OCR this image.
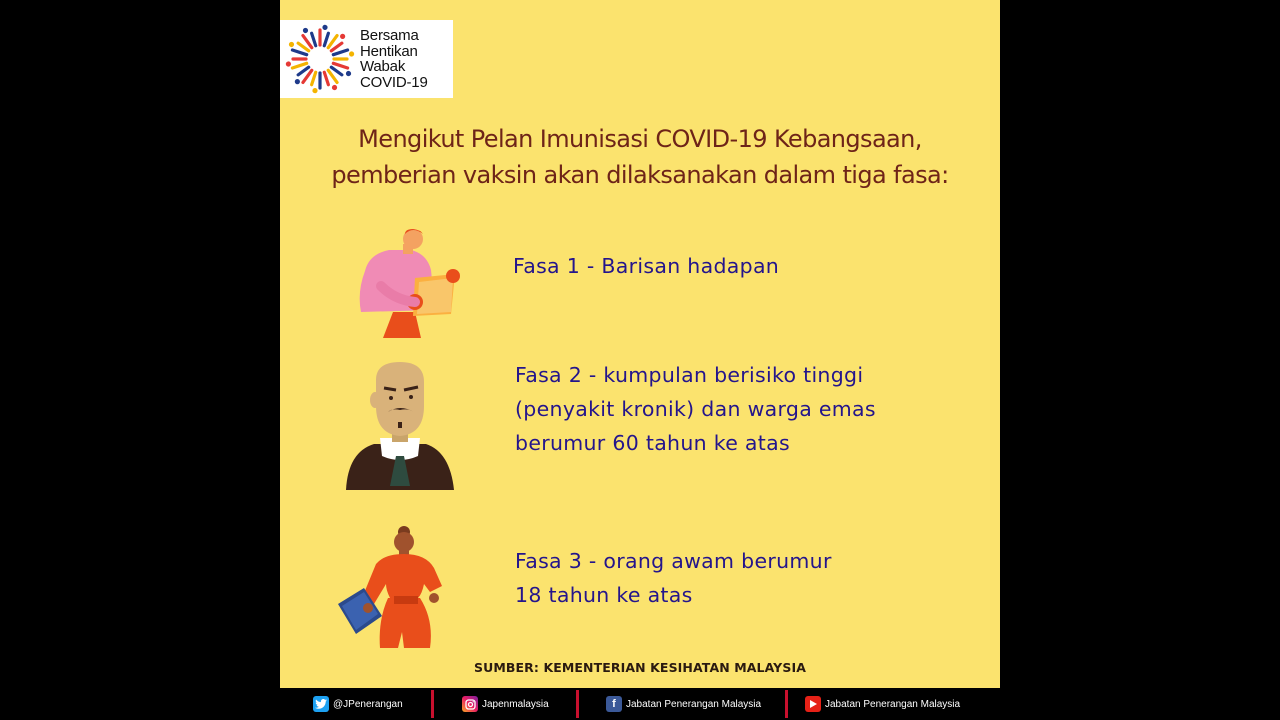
Bersama
Hentikan
Wabak
COVID-19
Mengikut Pelan Imunisasi COVID-19 Kebangsaan,
pemberian vaksin akan dilaksanakan dalam tiga fasa:
Fasa 1 - Barisan hadapan
Fasa 2 - kumpulan berisiko tinggi
(penyakit kronik) dan warga emas
berumur 60 tahun ke atas
Fasa 3 - orang awam berumur
18 tahun ke atas
SUMBER: KEMENTERIAN KESIHATAN MALAYSIA
@JPenerangan	Japenmalaysia	f	Jabatan Penerangan Malaysia	Jabatan Penerangan Malaysia
